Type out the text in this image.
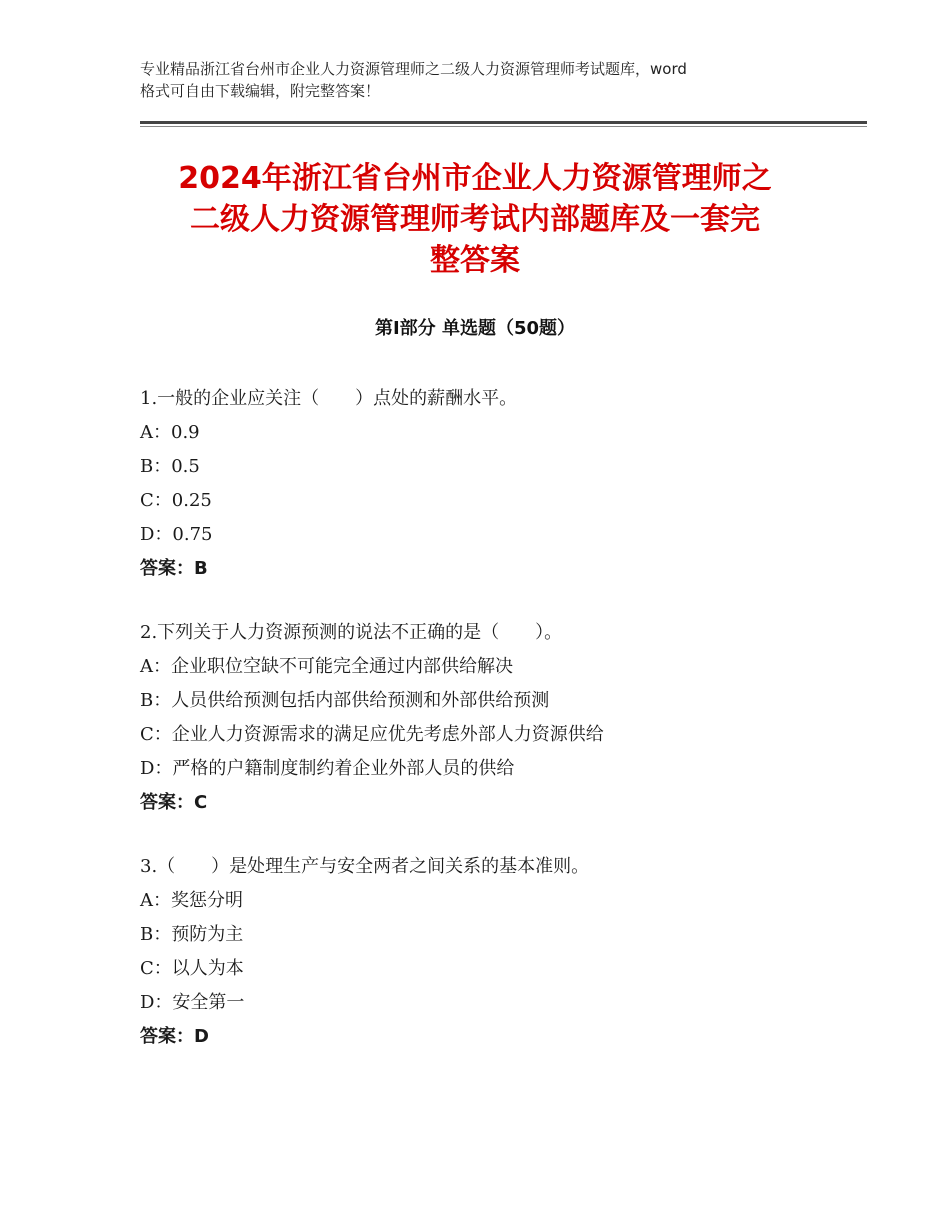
专业精品浙江省台州市企业人力资源管理师之二级人力资源管理师考试题库，word
格式可自由下载编辑，附完整答案！
2024年浙江省台州市企业人力资源管理师之
二级人力资源管理师考试内部题库及一套完
整答案
第Ⅰ部分 单选题（50题）
1.一般的企业应关注（　　）点处的薪酬水平。
A：0.9
B：0.5
C：0.25
D：0.75
答案：B
2.下列关于人力资源预测的说法不正确的是（　　）。
A：企业职位空缺不可能完全通过内部供给解决
B：人员供给预测包括内部供给预测和外部供给预测
C：企业人力资源需求的满足应优先考虑外部人力资源供给
D：严格的户籍制度制约着企业外部人员的供给
答案：C
3.（　　）是处理生产与安全两者之间关系的基本准则。
A：奖惩分明
B：预防为主
C：以人为本
D：安全第一
答案：D
